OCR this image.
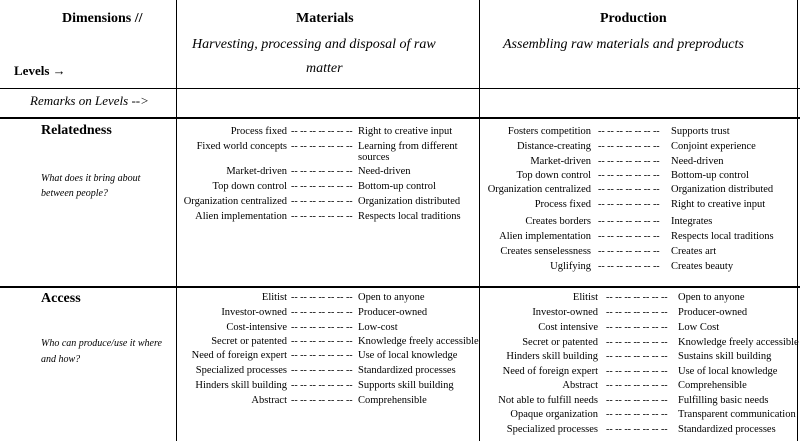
Dimensions //
Levels →
Materials
Harvesting, processing and disposal of raw
matter
Production
Assembling raw materials and preproducts
Remarks on Levels -->
Relatedness
What does it bring about
between people?
Access
Who can produce/use it where
and how?
Process fixed -- -- -- -- -- -- -- Right to creative input
Fixed world concepts -- -- -- -- -- -- -- Learning from different
sources
Market-driven -- -- -- -- -- -- -- Need-driven
Top down control -- -- -- -- -- -- -- Bottom-up control
Organization centralized -- -- -- -- -- -- -- Organization distributed
Alien implementation -- -- -- -- -- -- -- Respects local traditions
Fosters competition -- -- -- -- -- -- -- Supports trust
Distance-creating -- -- -- -- -- -- -- Conjoint experience
Market-driven -- -- -- -- -- -- -- Need-driven
Top down control -- -- -- -- -- -- -- Bottom-up control
Organization centralized -- -- -- -- -- -- -- Organization distributed
Process fixed -- -- -- -- -- -- -- Right to creative input
Creates borders -- -- -- -- -- -- -- Integrates
Alien implementation -- -- -- -- -- -- -- Respects local traditions
Creates senselessness -- -- -- -- -- -- -- Creates art
Uglifying -- -- -- -- -- -- -- Creates beauty
Elitist -- -- -- -- -- -- -- Open to anyone
Investor-owned -- -- -- -- -- -- -- Producer-owned
Cost-intensive -- -- -- -- -- -- -- Low-cost
Secret or patented -- -- -- -- -- -- -- Knowledge freely accessible
Need of foreign expert -- -- -- -- -- -- -- Use of local knowledge
Specialized processes -- -- -- -- -- -- -- Standardized processes
Hinders skill building -- -- -- -- -- -- -- Supports skill building
Abstract -- -- -- -- -- -- -- Comprehensible
Elitist -- -- -- -- -- -- -- Open to anyone
Investor-owned -- -- -- -- -- -- -- Producer-owned
Cost intensive -- -- -- -- -- -- -- Low Cost
Secret or patented -- -- -- -- -- -- -- Knowledge freely accessible
Hinders skill building -- -- -- -- -- -- -- Sustains skill building
Need of foreign expert -- -- -- -- -- -- -- Use of local knowledge
Abstract -- -- -- -- -- -- -- Comprehensible
Not able to fulfill needs -- -- -- -- -- -- -- Fulfilling basic needs
Opaque organization -- -- -- -- -- -- -- Transparent communication
Specialized processes -- -- -- -- -- -- -- Standardized processes
